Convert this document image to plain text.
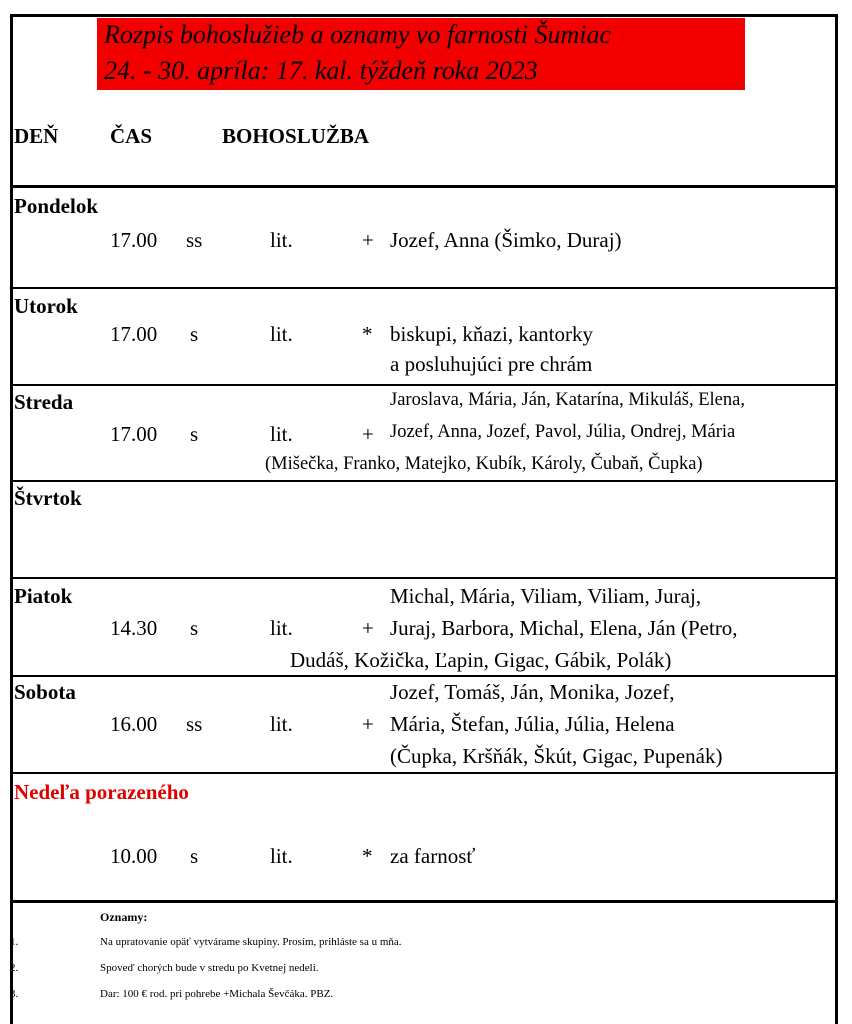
Rozpis bohoslužieb a oznamy vo farnosti Šumiac
24. - 30. apríla: 17. kal. týždeň roka 2023
DEŇ ČAS	BOHOSLUŽBA
Pondelok
17.00 ss	lit.	+ Jozef, Anna (Šimko, Duraj)
Utorok
17.00 s	lit.	* biskupi, kňazi, kantorky
a posluhujúci pre chrám
Streda	Jaroslava, Mária, Ján, Katarína, Mikuláš, Elena,
17.00 s	lit.	+ Jozef, Anna, Jozef, Pavol, Júlia, Ondrej, Mária
(Mišečka, Franko, Matejko, Kubík, Károly, Čubaň, Čupka)
Štvrtok
Piatok	Michal, Mária, Viliam, Viliam, Juraj,
14.30 s	lit.	+ Juraj, Barbora, Michal, Elena, Ján (Petro,
Dudáš, Kožička, Ľapin, Gigac, Gábik, Polák)
Sobota	Jozef, Tomáš, Ján, Monika, Jozef,
16.00 ss	lit.	+ Mária, Štefan, Júlia, Júlia, Helena
(Čupka, Kršňák, Škút, Gigac, Pupenák)
Nedeľa porazeného
10.00 s	lit.	* za farnosť
Oznamy:
1.	Na upratovanie opäť vytvárame skupiny. Prosím, prihláste sa u mňa.
2.	Spoveď chorých bude v stredu po Kvetnej nedeli.
3.	Dar: 100 € rod. pri pohrebe +Michala Ševčáka. PBZ.
